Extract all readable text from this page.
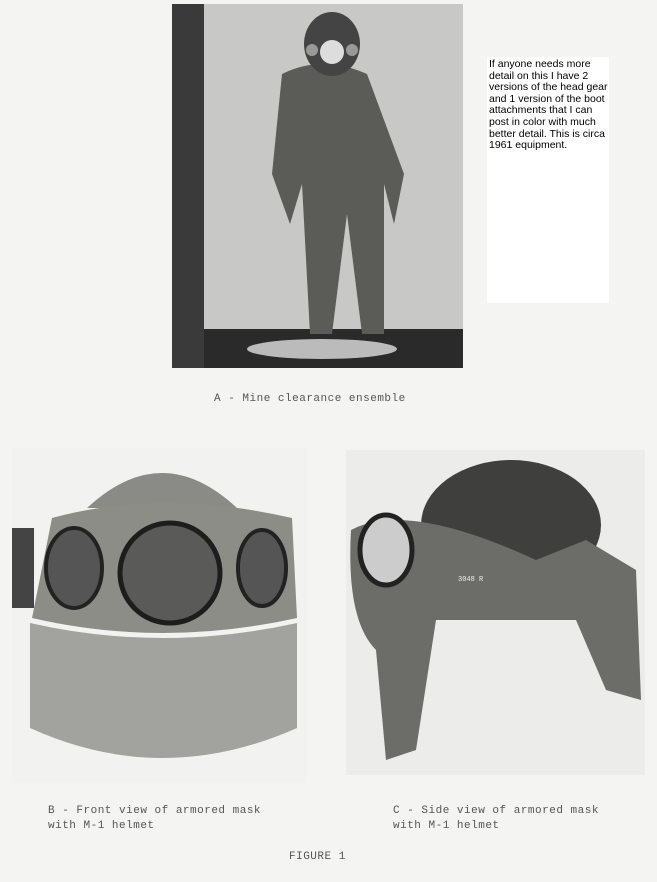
If anyone needs more
detail on this I have 2
versions of the head gear
and 1 version of the boot
attachments that I can
post in color with much
better detail. This is circa
1961 equipment.
A - Mine clearance ensemble
3048 R
B - Front view of armored mask
with M-1 helmet
C - Side view of armored mask
with M-1 helmet
FIGURE 1
